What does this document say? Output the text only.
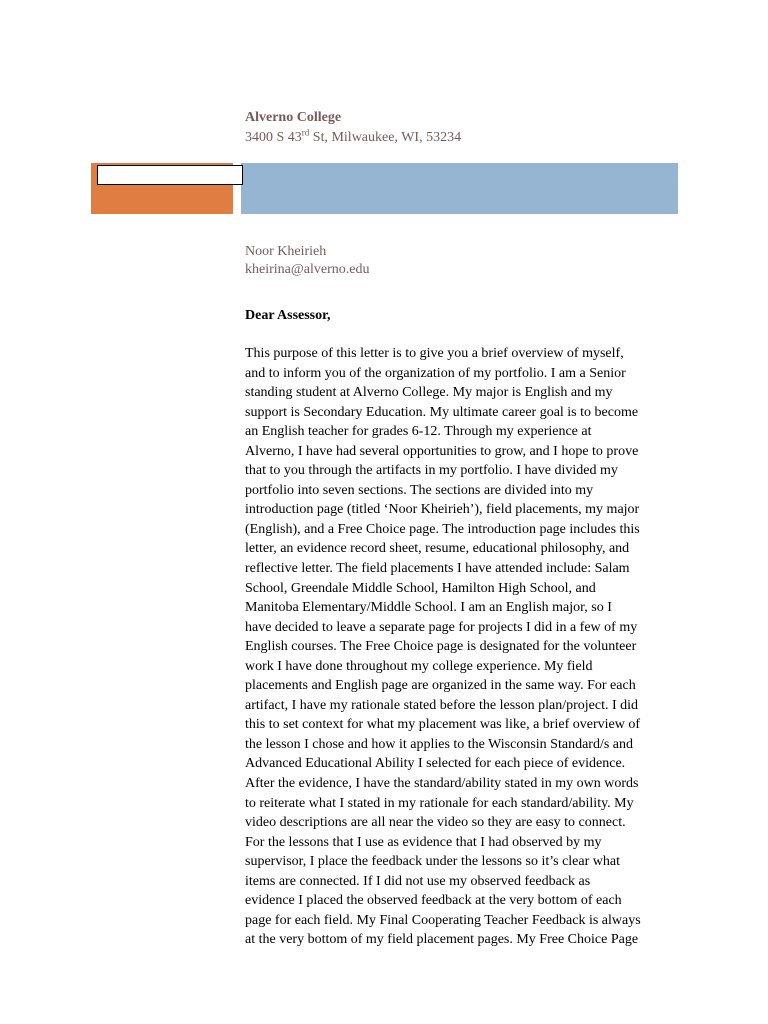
Alverno College
3400 S 43rd St, Milwaukee, WI, 53234
Noor Kheirieh
kheirina@alverno.edu
Dear Assessor,

This purpose of this letter is to give you a brief overview of myself,
and to inform you of the organization of my portfolio. I am a Senior
standing student at Alverno College. My major is English and my
support is Secondary Education. My ultimate career goal is to become
an English teacher for grades 6-12. Through my experience at
Alverno, I have had several opportunities to grow, and I hope to prove
that to you through the artifacts in my portfolio. I have divided my
portfolio into seven sections. The sections are divided into my
introduction page (titled ‘Noor Kheirieh’), field placements, my major
(English), and a Free Choice page. The introduction page includes this
letter, an evidence record sheet, resume, educational philosophy, and
reflective letter. The field placements I have attended include: Salam
School, Greendale Middle School, Hamilton High School, and
Manitoba Elementary/Middle School. I am an English major, so I
have decided to leave a separate page for projects I did in a few of my
English courses. The Free Choice page is designated for the volunteer
work I have done throughout my college experience. My field
placements and English page are organized in the same way. For each
artifact, I have my rationale stated before the lesson plan/project. I did
this to set context for what my placement was like, a brief overview of
the lesson I chose and how it applies to the Wisconsin Standard/s and
Advanced Educational Ability I selected for each piece of evidence.
After the evidence, I have the standard/ability stated in my own words
to reiterate what I stated in my rationale for each standard/ability. My
video descriptions are all near the video so they are easy to connect.
For the lessons that I use as evidence that I had observed by my
supervisor, I place the feedback under the lessons so it’s clear what
items are connected. If I did not use my observed feedback as
evidence I placed the observed feedback at the very bottom of each
page for each field. My Final Cooperating Teacher Feedback is always
at the very bottom of my field placement pages. My Free Choice Page
